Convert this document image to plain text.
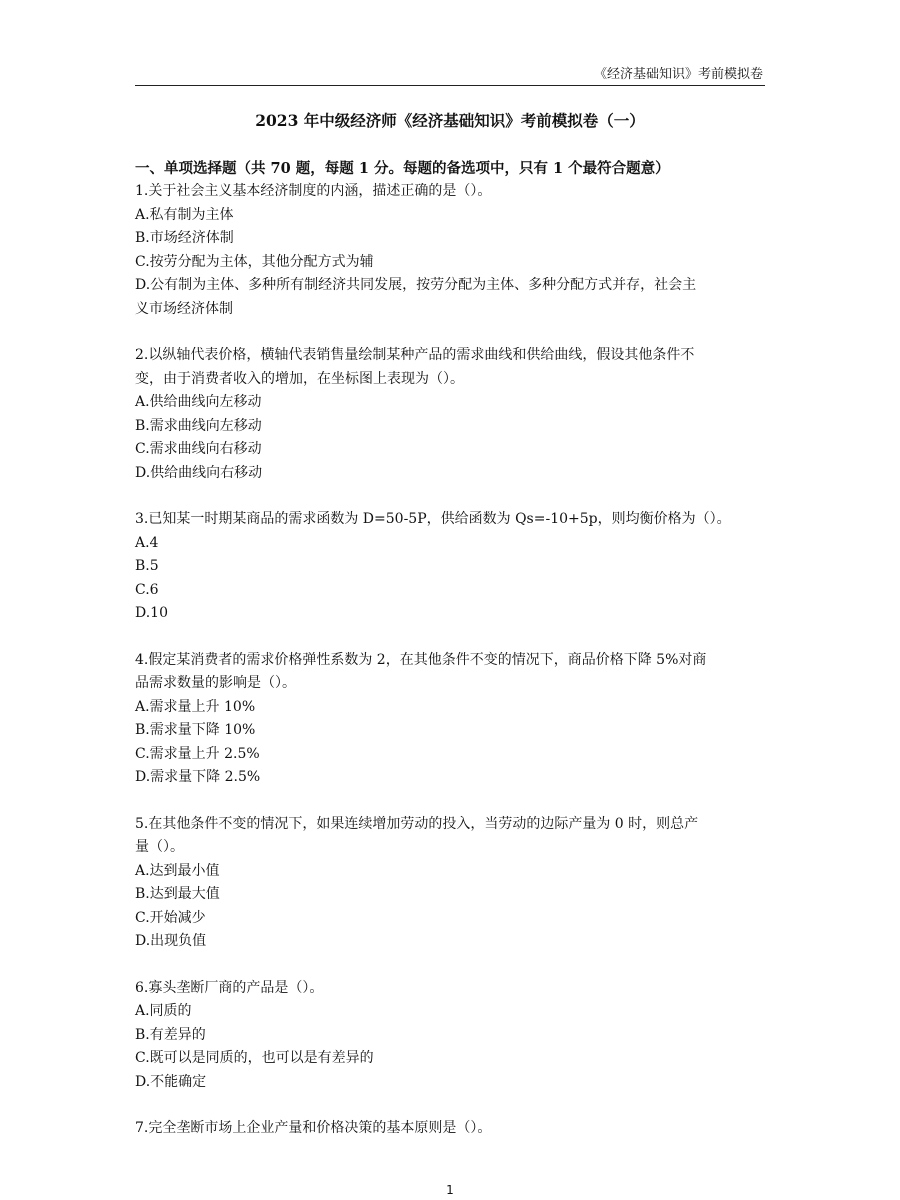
《经济基础知识》考前模拟卷
2023 年中级经济师《经济基础知识》考前模拟卷（一）
一、单项选择题（共 70 题，每题 1 分。每题的备选项中，只有 1 个最符合题意）
1.关于社会主义基本经济制度的内涵，描述正确的是（）。
A.私有制为主体
B.市场经济体制
C.按劳分配为主体，其他分配方式为辅
D.公有制为主体、多种所有制经济共同发展，按劳分配为主体、多种分配方式并存，社会主
义市场经济体制
2.以纵轴代表价格，横轴代表销售量绘制某种产品的需求曲线和供给曲线，假设其他条件不
变，由于消费者收入的增加，在坐标图上表现为（）。
A.供给曲线向左移动
B.需求曲线向左移动
C.需求曲线向右移动
D.供给曲线向右移动
3.已知某一时期某商品的需求函数为 D=50-5P，供给函数为 Qs=-10+5p，则均衡价格为（）。
A.4
B.5
C.6
D.10
4.假定某消费者的需求价格弹性系数为 2，在其他条件不变的情况下，商品价格下降 5%对商
品需求数量的影响是（）。
A.需求量上升 10%
B.需求量下降 10%
C.需求量上升 2.5%
D.需求量下降 2.5%
5.在其他条件不变的情况下，如果连续增加劳动的投入，当劳动的边际产量为 0 时，则总产
量（）。
A.达到最小值
B.达到最大值
C.开始减少
D.出现负值
6.寡头垄断厂商的产品是（）。
A.同质的
B.有差异的
C.既可以是同质的，也可以是有差异的
D.不能确定
7.完全垄断市场上企业产量和价格决策的基本原则是（）。
1
